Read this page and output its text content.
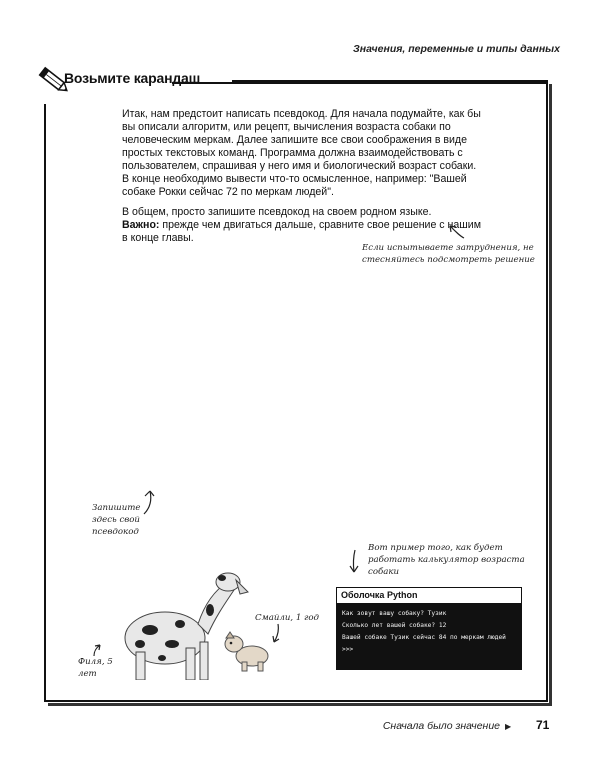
Значения, переменные и типы данных
Возьмите карандаш

Итак, нам предстоит написать псевдокод. Для начала подумайте, как бы вы описали алгоритм, или рецепт, вычисления возраста собаки по человеческим меркам. Далее запишите все свои соображения в виде простых текстовых команд. Программа должна взаимодействовать с пользователем, спрашивая у него имя и биологический возраст собаки. В конце необходимо вывести что-то осмысленное, например: "Вашей собаке Рокки сейчас 72 по меркам людей".

В общем, просто запишите псевдокод на своем родном языке.
Важно: прежде чем двигаться дальше, сравните свое решение с нашим в конце главы.

Если испытываете затруднения, не стесняйтесь подсмотреть решение
Запишите здесь свой псевдокод
Вот пример того, как будет работать калькулятор возраста собаки
Оболочка Python
Как зовут вашу собаку? Тузик
Сколько лет вашей собаке? 12
Вашей собаке Тузик сейчас 84 по меркам людей
>>>
Смайли, 1 год
Филя, 5 лет
Сначала было значение ▶ 71
